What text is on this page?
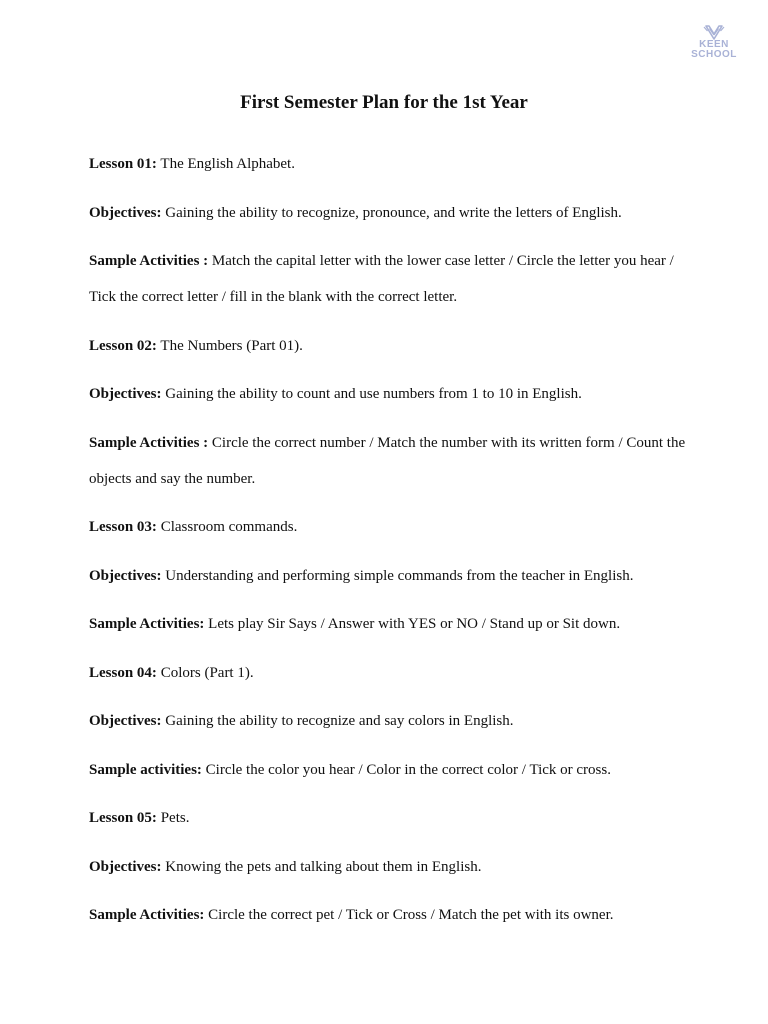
KEEN
SCHOOL
First Semester Plan for the 1st Year

Lesson 01: The English Alphabet.

Objectives: Gaining the ability to recognize, pronounce, and write the letters of English.

Sample Activities : Match the capital letter with the lower case letter / Circle the letter you hear / Tick the correct letter / fill in the blank with the correct letter.

Lesson 02: The Numbers (Part 01).

Objectives: Gaining the ability to count and use numbers from 1 to 10 in English.

Sample Activities : Circle the correct number / Match the number with its written form / Count the objects and say the number.

Lesson 03: Classroom commands.

Objectives: Understanding and performing simple commands from the teacher in English.

Sample Activities: Lets play Sir Says / Answer with YES or NO / Stand up or Sit down.

Lesson 04: Colors (Part 1).

Objectives: Gaining the ability to recognize and say colors in English.

Sample activities: Circle the color you hear / Color in the correct color / Tick or cross.

Lesson 05: Pets.

Objectives: Knowing the pets and talking about them in English.

Sample Activities: Circle the correct pet / Tick or Cross / Match the pet with its owner.
